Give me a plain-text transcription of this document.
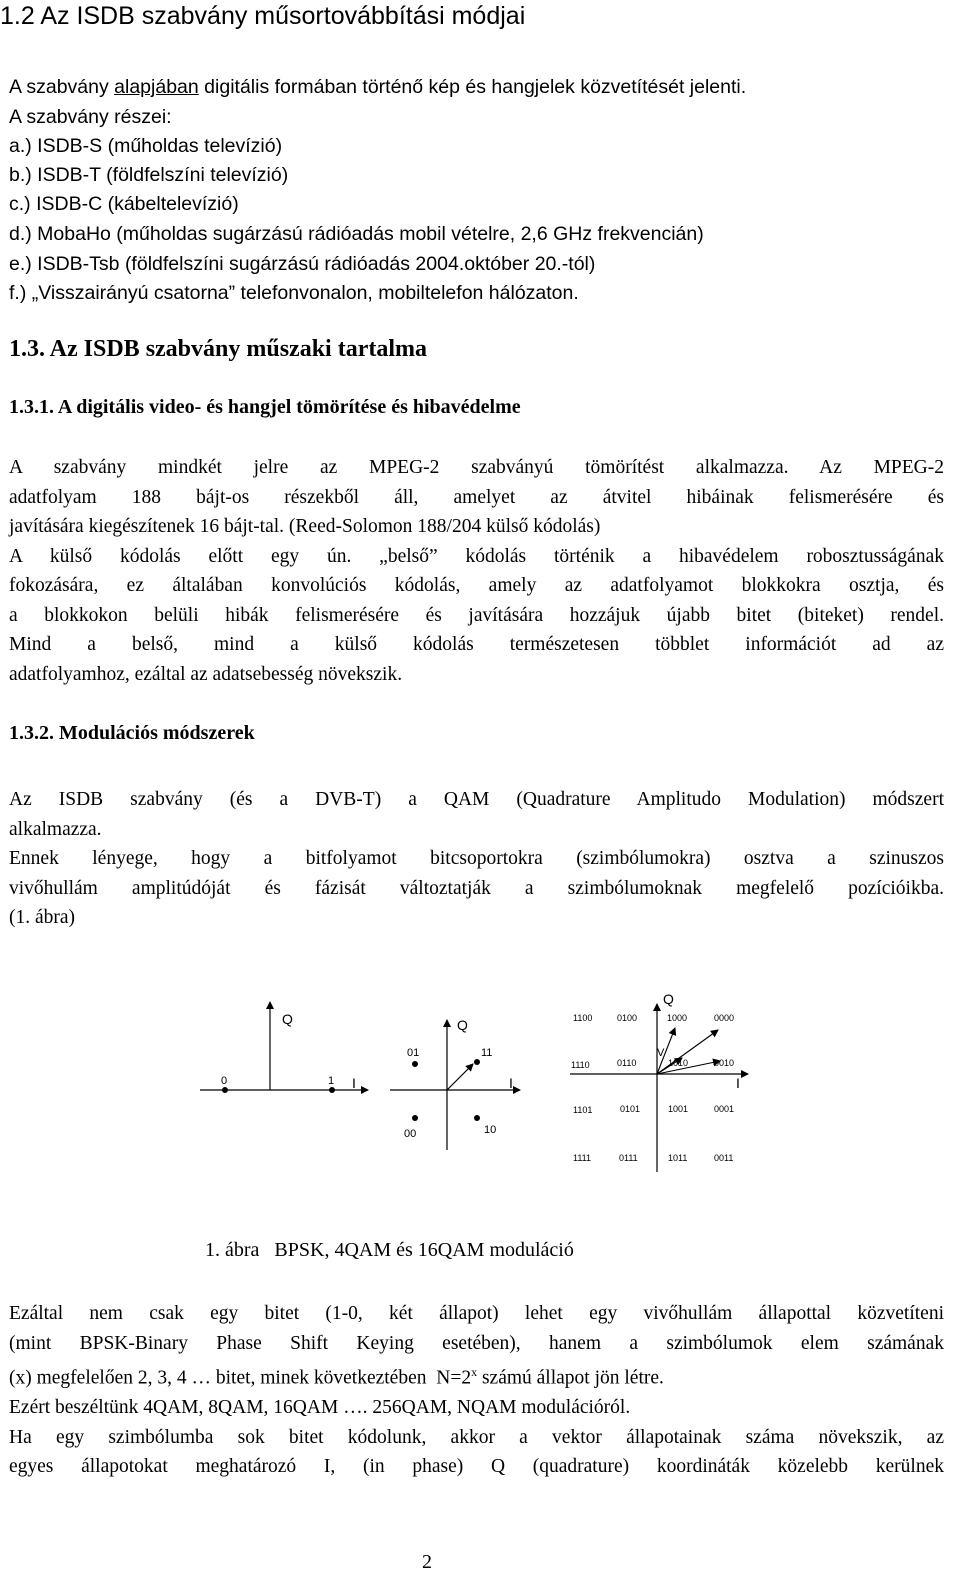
1.2 Az ISDB szabvány műsortovábbítási módjai
A szabvány alapjában digitális formában történő kép és hangjelek közvetítését jelenti.
A szabvány részei:
a.) ISDB-S (műholdas televízió)
b.) ISDB-T (földfelszíni televízió)
c.) ISDB-C (kábeltelevízió)
d.) MobaHo (műholdas sugárzású rádióadás mobil vételre, 2,6 GHz frekvencián)
e.) ISDB-Tsb (földfelszíni sugárzású rádióadás 2004.október 20.-tól)
f.) „Visszairányú csatorna” telefonvonalon, mobiltelefon hálózaton.
1.3. Az ISDB szabvány műszaki tartalma
1.3.1. A digitális video- és hangjel tömörítése és hibavédelme
A szabvány mindkét jelre az MPEG-2 szabványú tömörítést alkalmazza. Az MPEG-2
adatfolyam 188 bájt-os részekből áll, amelyet az átvitel hibáinak felismerésére és
javítására kiegészítenek 16 bájt-tal. (Reed-Solomon 188/204 külső kódolás)
A külső kódolás előtt egy ún. „belső” kódolás történik a hibavédelem robosztusságának
fokozására, ez általában konvolúciós kódolás, amely az adatfolyamot blokkokra osztja, és
a blokkokon belüli hibák felismerésére és javítására hozzájuk újabb bitet (biteket) rendel.
Mind a belső, mind a külső kódolás természetesen többlet információt ad az
adatfolyamhoz, ezáltal az adatsebesség növekszik.
1.3.2. Modulációs módszerek
Az ISDB szabvány (és a DVB-T) a QAM (Quadrature Amplitudo Modulation) módszert
alkalmazza.
Ennek lényege, hogy a bitfolyamot bitcsoportokra (szimbólumokra) osztva a szinuszos
vivőhullám amplitúdóját és fázisát változtatják a szimbólumoknak megfelelő pozícióikba.
(1. ábra)
Q
I
0	1
Q
I
01	11
00	10
Q
I
V
1100	0100	1000	0000
1110	0110	1010	0010
1101	0101	1001	0001
1111	0111	1011	0011
1. ábra   BPSK, 4QAM és 16QAM moduláció
Ezáltal nem csak egy bitet (1-0, két állapot) lehet egy vivőhullám állapottal közvetíteni
(mint BPSK-Binary Phase Shift Keying esetében), hanem a szimbólumok elem számának
(x) megfelelően 2, 3, 4 … bitet, minek következtében  $N=2^x$ számú állapot jön létre.
Ezért beszéltünk 4QAM, 8QAM, 16QAM …. 256QAM, NQAM modulációról.
Ha egy szimbólumba sok bitet kódolunk, akkor a vektor állapotainak száma növekszik, az
egyes állapotokat meghatározó I, (in phase) Q (quadrature) koordináták közelebb kerülnek
2
